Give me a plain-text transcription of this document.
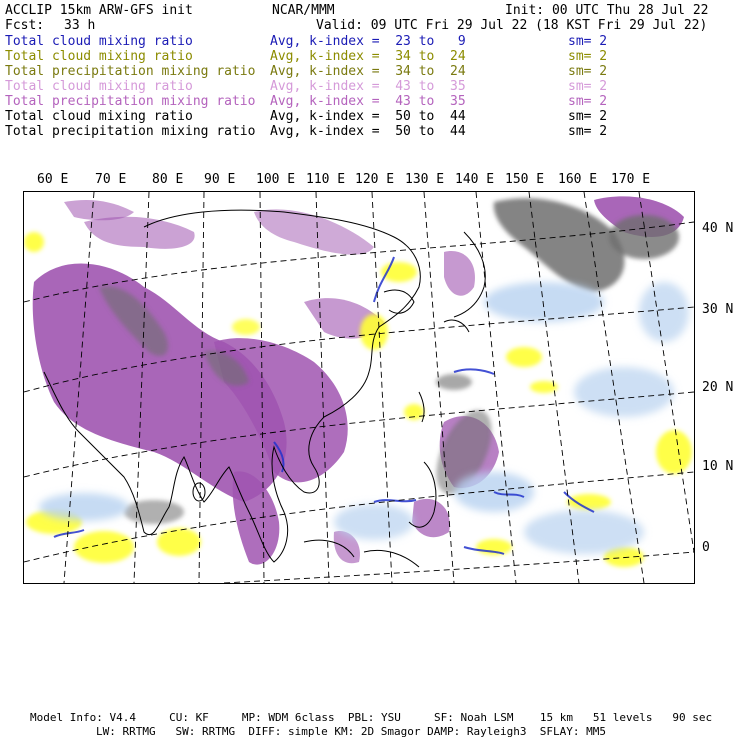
ACCLIP 15km ARW-GFS init	NCAR/MMM	Init: 00 UTC Thu 28 Jul 22
Fcst: 33 h	Valid: 09 UTC Fri 29 Jul 22 (18 KST Fri 29 Jul 22)
Total cloud mixing ratio	Avg, k-index =  23 to   9	sm= 2
Total cloud mixing ratio	Avg, k-index =  34 to  24	sm= 2
Total precipitation mixing ratio Avg, k-index =  34 to  24	sm= 2
Total cloud mixing ratio	Avg, k-index =  43 to  35	sm= 2
Total precipitation mixing ratio Avg, k-index =  43 to  35	sm= 2
Total cloud mixing ratio	Avg, k-index =  50 to  44	sm= 2
Total precipitation mixing ratio Avg, k-index =  50 to  44	sm= 2
60 E 70 E 80 E 90 E 100 E 110 E 120 E 130 E 140 E 150 E 160 E 170 E
40 N
30 N
20 N
10 N
0
Model Info: V4.4     CU: KF     MP: WDM 6class  PBL: YSU     SF: Noah LSM    15 km   51 levels   90 sec
LW: RRTMG   SW: RRTMG  DIFF: simple KM: 2D Smagor DAMP: Rayleigh3  SFLAY: MM5
